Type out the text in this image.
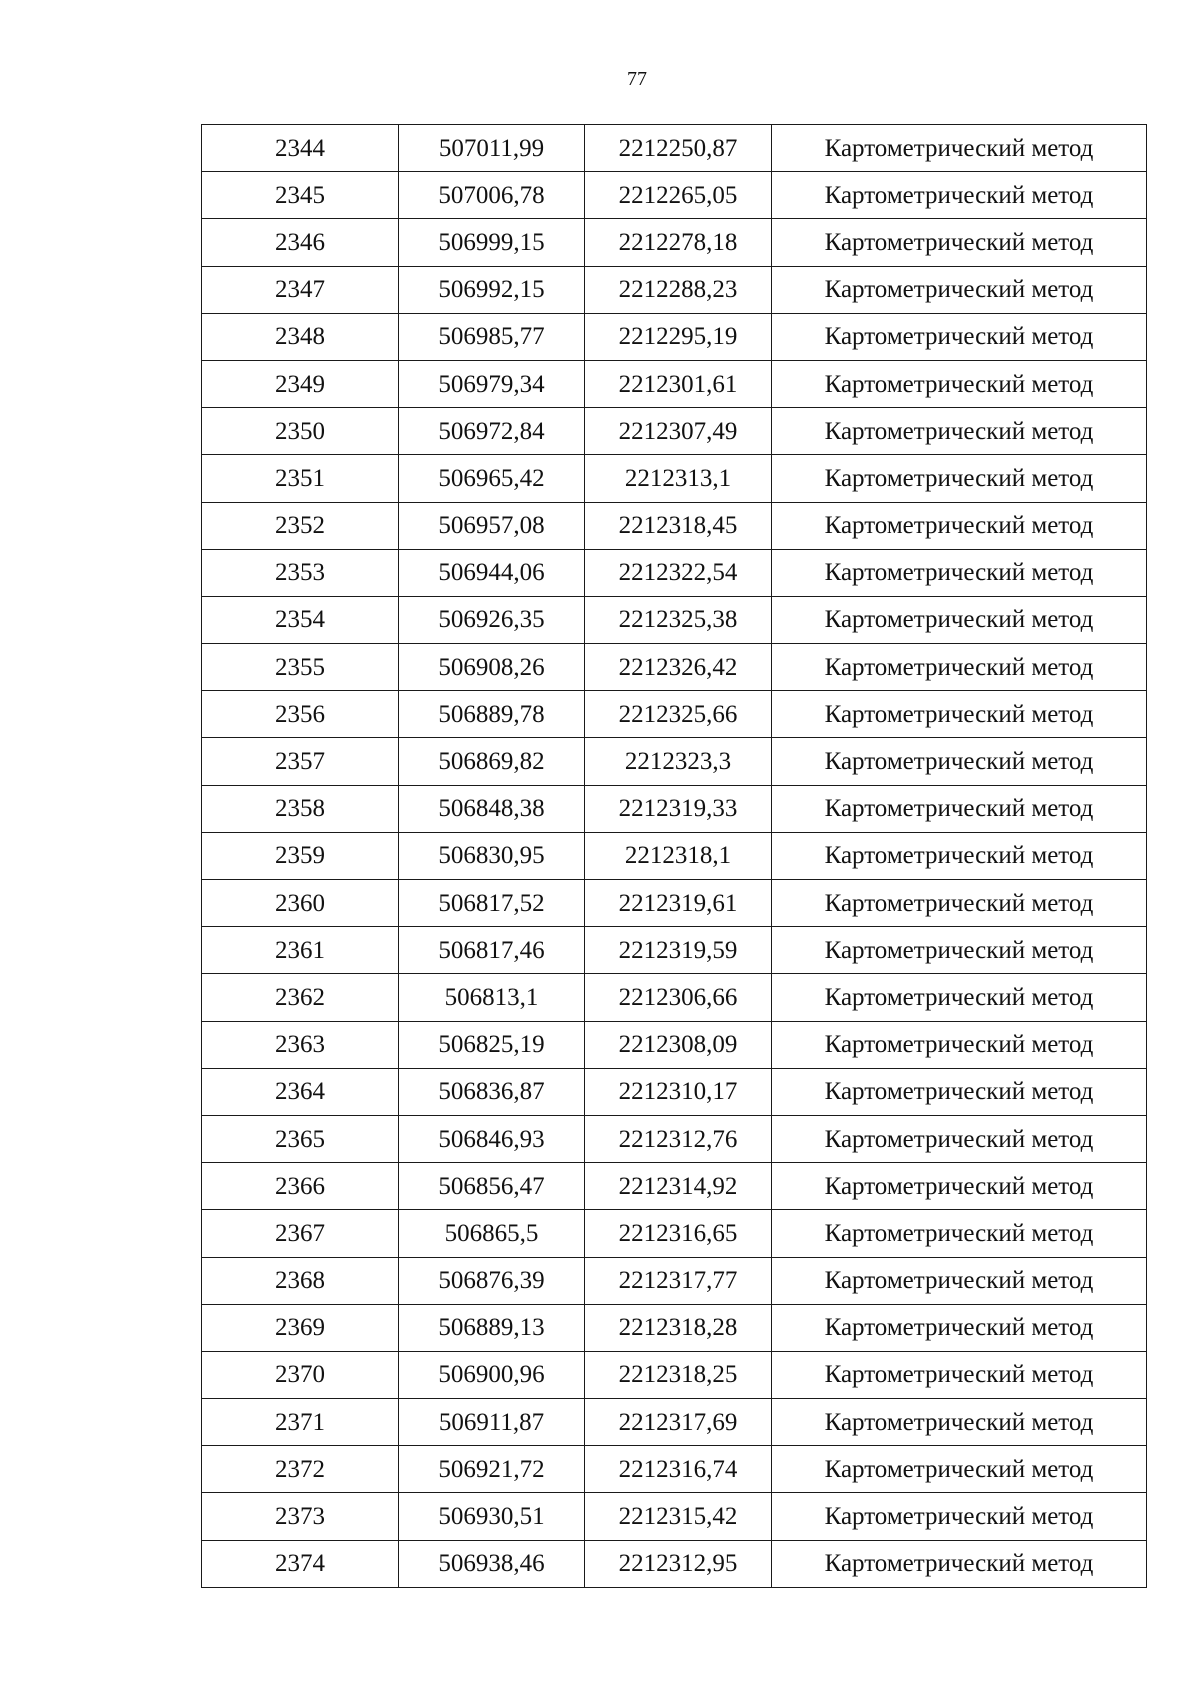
77
2344	507011,99	2212250,87	Картометрический метод
2345	507006,78	2212265,05	Картометрический метод
2346	506999,15	2212278,18	Картометрический метод
2347	506992,15	2212288,23	Картометрический метод
2348	506985,77	2212295,19	Картометрический метод
2349	506979,34	2212301,61	Картометрический метод
2350	506972,84	2212307,49	Картометрический метод
2351	506965,42	2212313,1	Картометрический метод
2352	506957,08	2212318,45	Картометрический метод
2353	506944,06	2212322,54	Картометрический метод
2354	506926,35	2212325,38	Картометрический метод
2355	506908,26	2212326,42	Картометрический метод
2356	506889,78	2212325,66	Картометрический метод
2357	506869,82	2212323,3	Картометрический метод
2358	506848,38	2212319,33	Картометрический метод
2359	506830,95	2212318,1	Картометрический метод
2360	506817,52	2212319,61	Картометрический метод
2361	506817,46	2212319,59	Картометрический метод
2362	506813,1	2212306,66	Картометрический метод
2363	506825,19	2212308,09	Картометрический метод
2364	506836,87	2212310,17	Картометрический метод
2365	506846,93	2212312,76	Картометрический метод
2366	506856,47	2212314,92	Картометрический метод
2367	506865,5	2212316,65	Картометрический метод
2368	506876,39	2212317,77	Картометрический метод
2369	506889,13	2212318,28	Картометрический метод
2370	506900,96	2212318,25	Картометрический метод
2371	506911,87	2212317,69	Картометрический метод
2372	506921,72	2212316,74	Картометрический метод
2373	506930,51	2212315,42	Картометрический метод
2374	506938,46	2212312,95	Картометрический метод
